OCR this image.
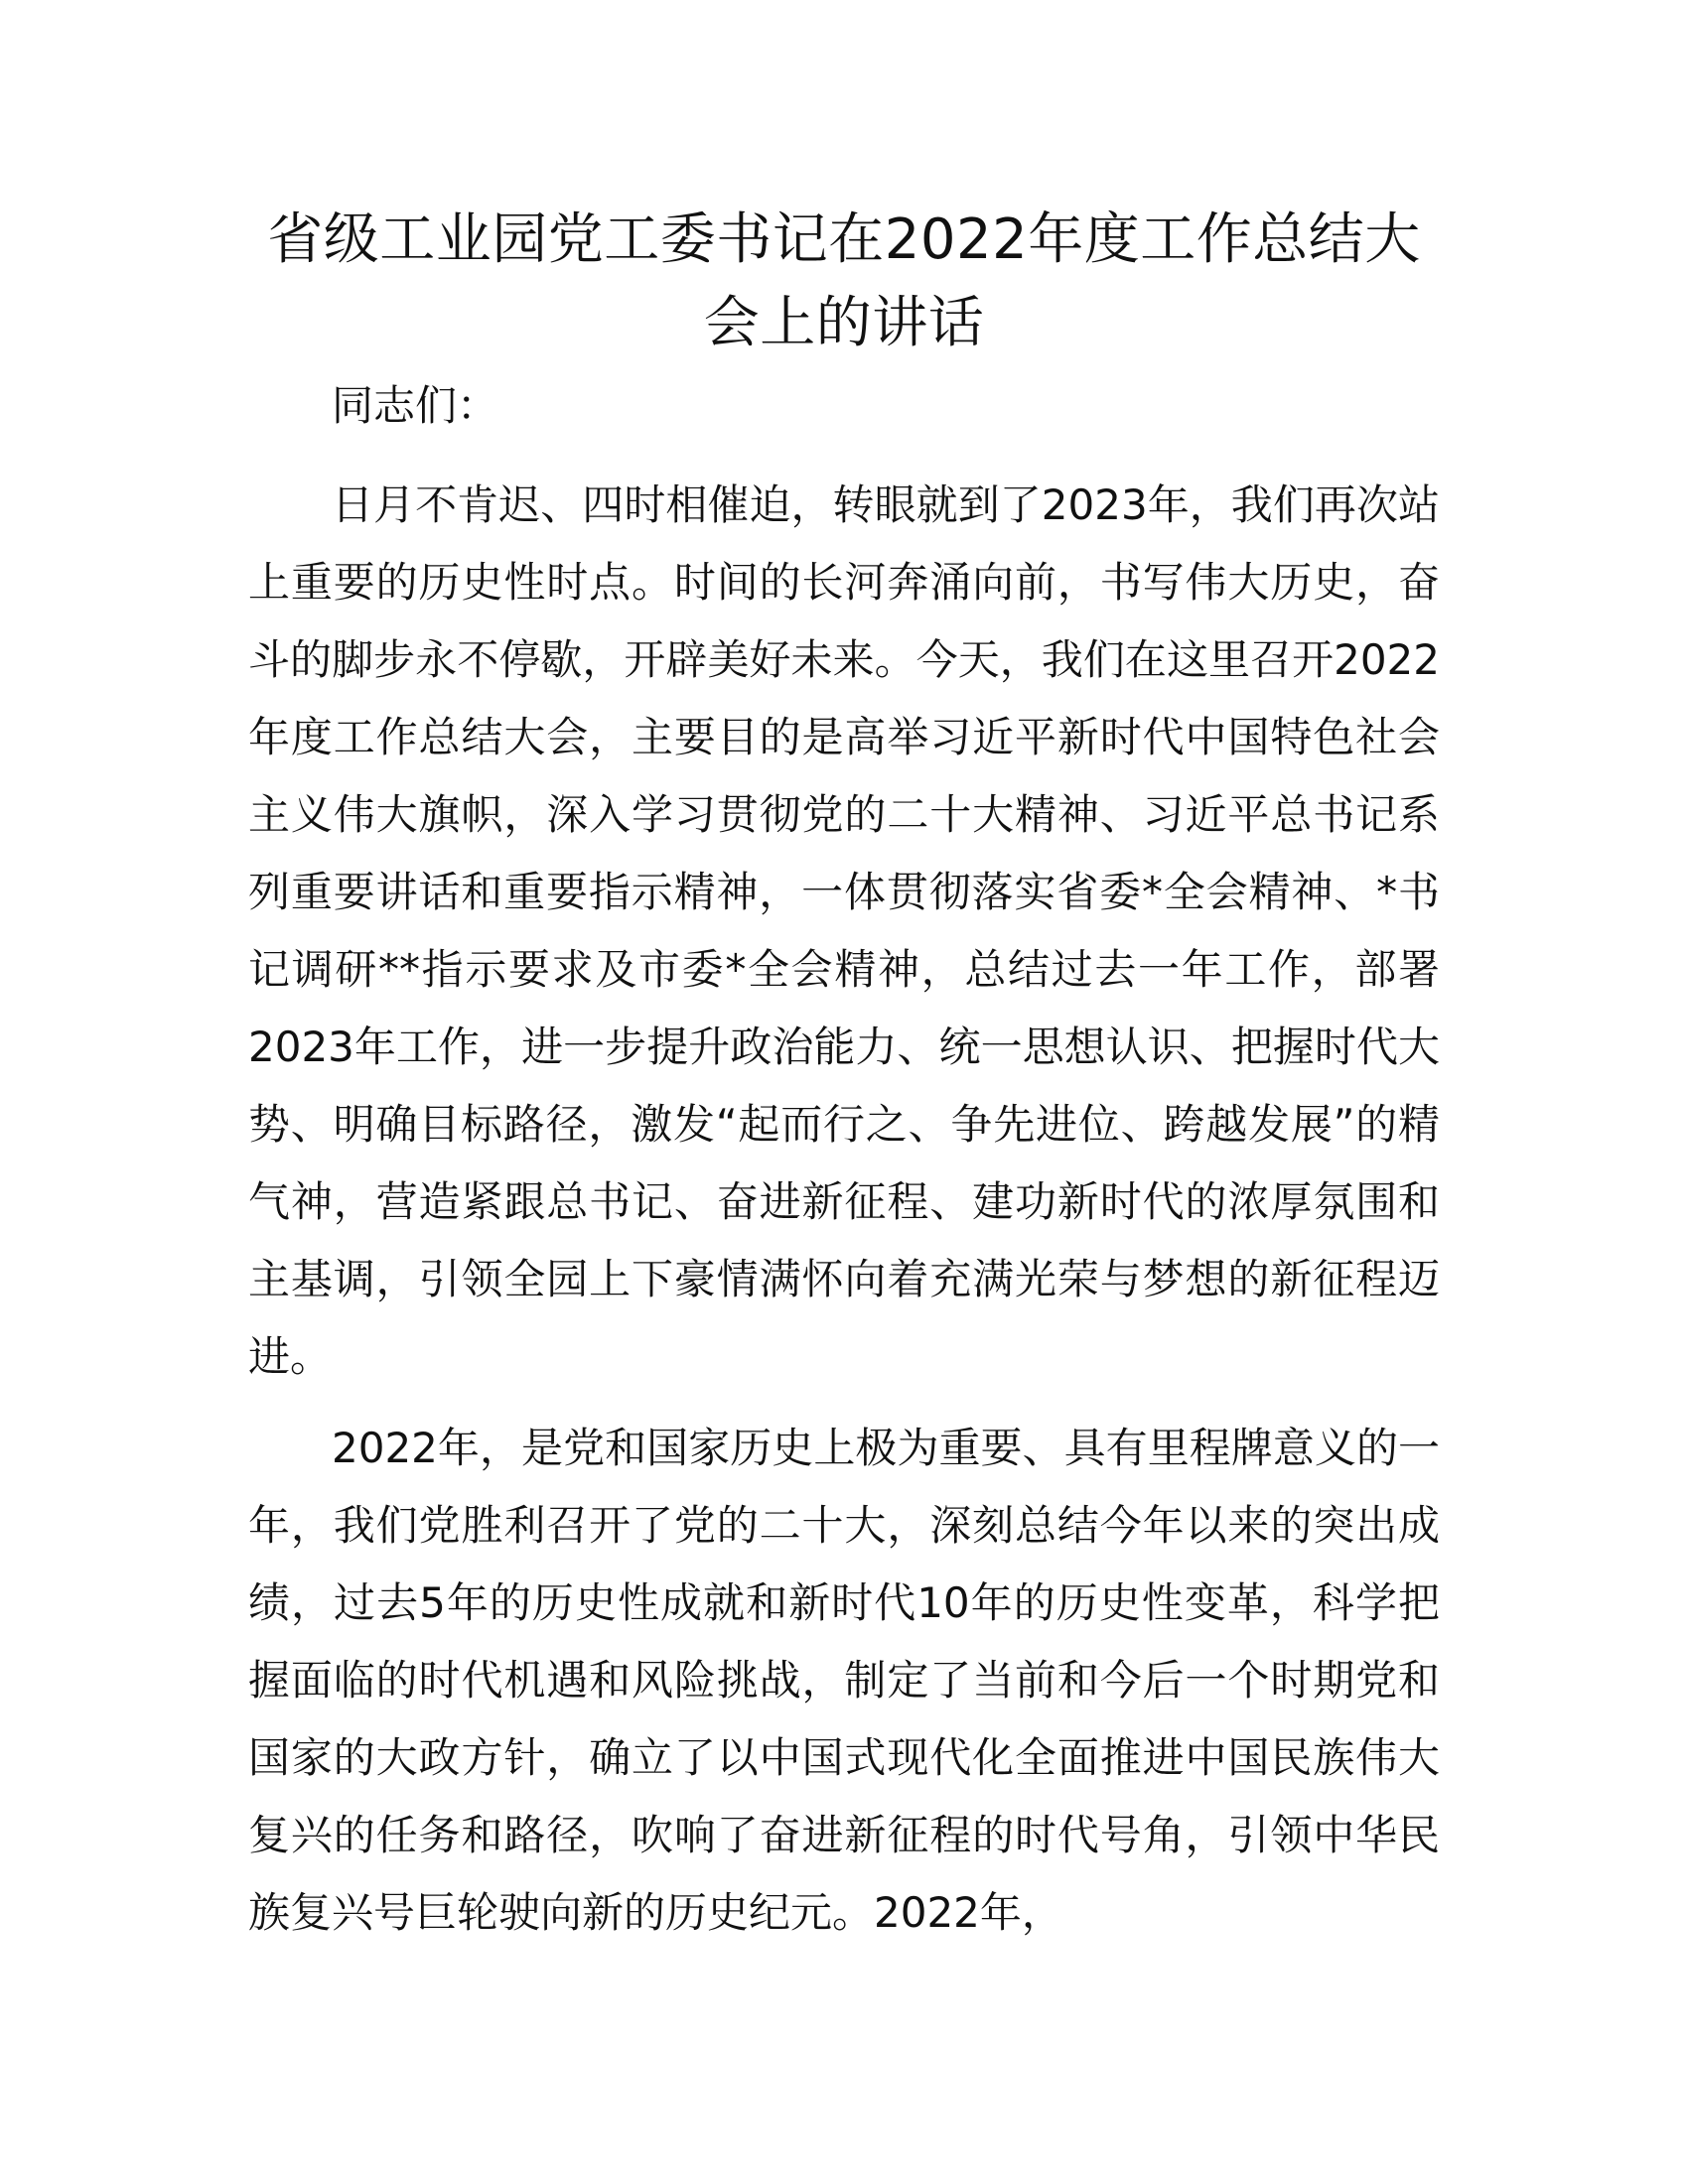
省级工业园党工委书记在2022年度工作总结大会上的讲话

同志们：

日月不肯迟、四时相催迫，转眼就到了2023年，我们再次站上重要的历史性时点。时间的长河奔涌向前，书写伟大历史，奋斗的脚步永不停歇，开辟美好未来。今天，我们在这里召开2022年度工作总结大会，主要目的是高举习近平新时代中国特色社会主义伟大旗帜，深入学习贯彻党的二十大精神、习近平总书记系列重要讲话和重要指示精神，一体贯彻落实省委*全会精神、*书记调研**指示要求及市委*全会精神，总结过去一年工作，部署2023年工作，进一步提升政治能力、统一思想认识、把握时代大势、明确目标路径，激发“起而行之、争先进位、跨越发展”的精气神，营造紧跟总书记、奋进新征程、建功新时代的浓厚氛围和主基调，引领全园上下豪情满怀向着充满光荣与梦想的新征程迈进。

2022年，是党和国家历史上极为重要、具有里程牌意义的一年，我们党胜利召开了党的二十大，深刻总结今年以来的突出成绩，过去5年的历史性成就和新时代10年的历史性变革，科学把握面临的时代机遇和风险挑战，制定了当前和今后一个时期党和国家的大政方针，确立了以中国式现代化全面推进中国民族伟大复兴的任务和路径，吹响了奋进新征程的时代号角，引领中华民族复兴号巨轮驶向新的历史纪元。2022年，
